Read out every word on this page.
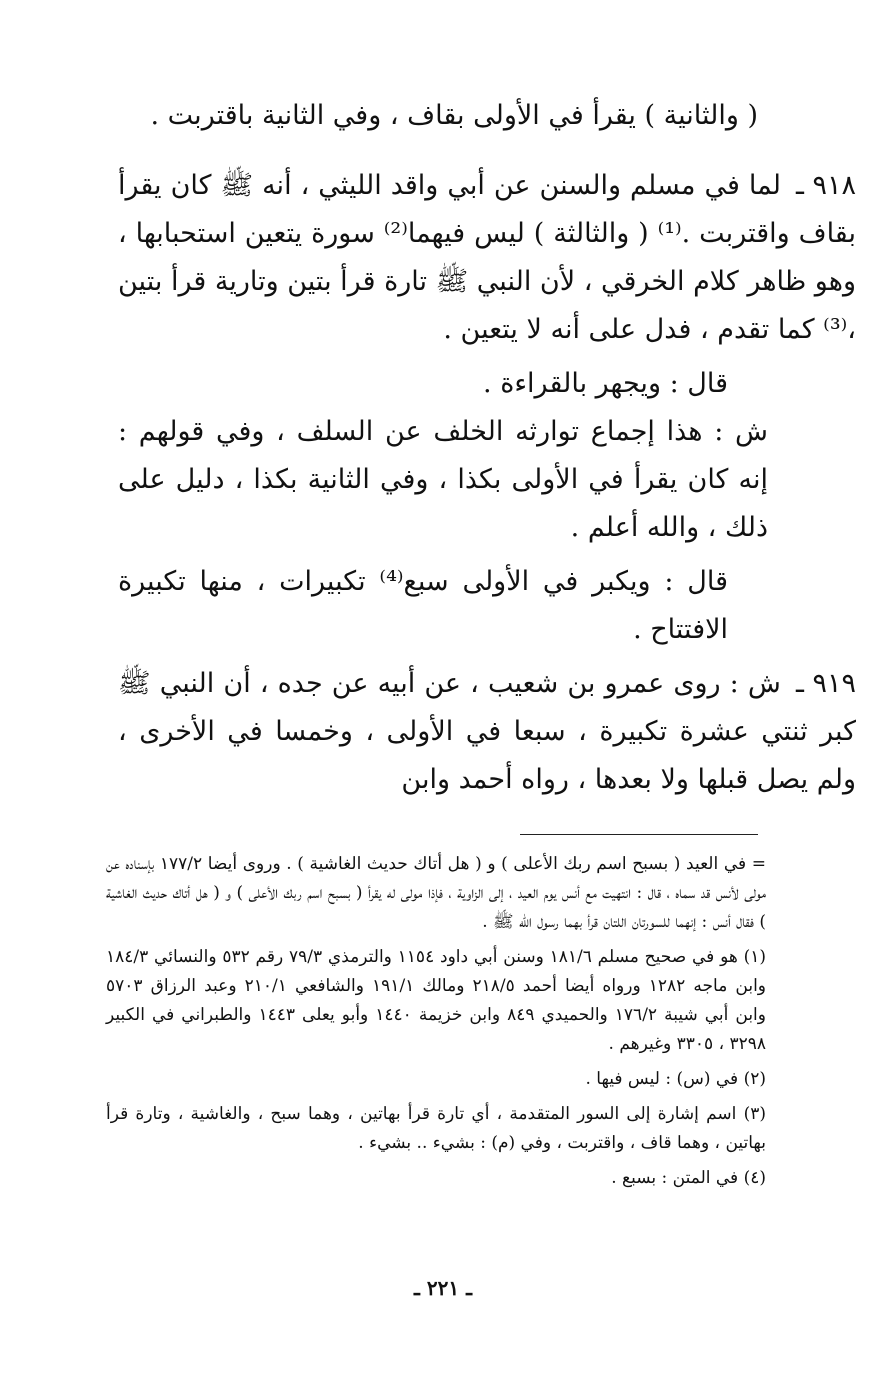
( والثانية ) يقرأ في الأولى بقاف ، وفي الثانية باقتربت .

٩١٨ ـ لما في مسلم والسنن عن أبي واقد الليثي ، أنه ﷺ كان يقرأ بقاف واقتربت .⁽¹⁾ ( والثالثة ) ليس فيهما⁽²⁾ سورة يتعين استحبابها ، وهو ظاهر كلام الخرقي ، لأن النبي ﷺ تارة قرأ بتين وتارية قرأ بتين ،⁽³⁾ كما تقدم ، فدل على أنه لا يتعين .

قال : ويجهر بالقراءة .

ش : هذا إجماع توارثه الخلف عن السلف ، وفي قولهم : إنه كان يقرأ في الأولى بكذا ، وفي الثانية بكذا ، دليل على ذلك ، والله أعلم .

قال : ويكبر في الأولى سبع⁽⁴⁾ تكبيرات ، منها تكبيرة الافتتاح .

٩١٩ ـ ش : روى عمرو بن شعيب ، عن أبيه عن جده ، أن النبي ﷺ كبر ثنتي عشرة تكبيرة ، سبعا في الأولى ، وخمسا في الأخرى ، ولم يصل قبلها ولا بعدها ، رواه أحمد وابن

= في العيد ( بسبح اسم ربك الأعلى ) و ( هل أتاك حديث الغاشية ) . وروى أيضا ١٧٧/٢ بإسناده عن مولى لأنس قد سماه ، قال : انتهيت مع أنس يوم العيد ، إلى الزاوية ، فإذا مولى له يقرأ ( بسبح اسم ربك الأعلى ) و ( هل أتاك حديث الغاشية ) فقال أنس : إنهما للسورتان اللتان قرأ بهما رسول الله ﷺ .

(١) هو في صحيح مسلم ١٨١/٦ وسنن أبي داود ١١٥٤ والترمذي ٧٩/٣ رقم ٥٣٢ والنسائي ١٨٤/٣ وابن ماجه ١٢٨٢ ورواه أيضا أحمد ٢١٨/٥ ومالك ١٩١/١ والشافعي ٢١٠/١ وعبد الرزاق ٥٧٠٣ وابن أبي شيبة ١٧٦/٢ والحميدي ٨٤٩ وابن خزيمة ١٤٤٠ وأبو يعلى ١٤٤٣ والطبراني في الكبير ٣٢٩٨ ، ٣٣٠٥ وغيرهم .

(٢) في (س) : ليس فيها .

(٣) اسم إشارة إلى السور المتقدمة ، أي تارة قرأ بهاتين ، وهما سبح ، والغاشية ، وتارة قرأ بهاتين ، وهما قاف ، واقتربت ، وفي (م) : بشيء .. بشيء .

(٤) في المتن : بسبع .

ـ ٢٢١ ـ
